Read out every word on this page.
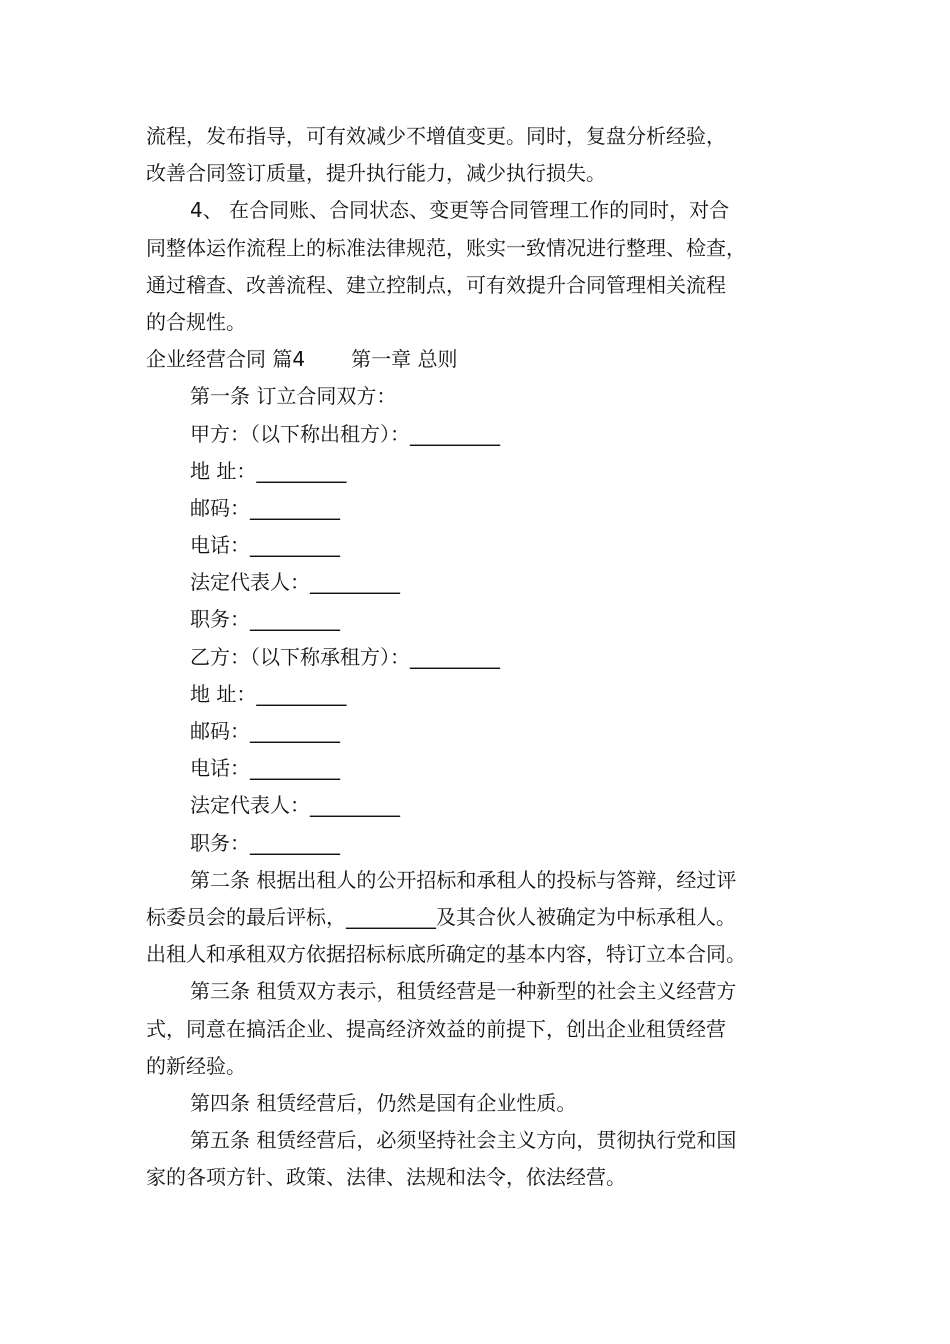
流程，发布指导，可有效减少不增值变更。同时，复盘分析经验，
改善合同签订质量，提升执行能力，减少执行损失。
4、 在合同账、合同状态、变更等合同管理工作的同时，对合
同整体运作流程上的标准法律规范，账实一致情况进行整理、检查，
通过稽查、改善流程、建立控制点，可有效提升合同管理相关流程
的合规性。
企业经营合同 篇4 第一章 总则
第一条 订立合同双方：
甲方：（以下称出租方）：_________
地 址：_________
邮码：_________
电话：_________
法定代表人：_________
职务：_________
乙方：（以下称承租方）：_________
地 址：_________
邮码：_________
电话：_________
法定代表人：_________
职务：_________
第二条 根据出租人的公开招标和承租人的投标与答辩，经过评
标委员会的最后评标，_________及其合伙人被确定为中标承租人。
出租人和承租双方依据招标标底所确定的基本内容，特订立本合同。
第三条 租赁双方表示，租赁经营是一种新型的社会主义经营方
式，同意在搞活企业、提高经济效益的前提下，创出企业租赁经营
的新经验。
第四条 租赁经营后，仍然是国有企业性质。
第五条 租赁经营后，必须坚持社会主义方向，贯彻执行党和国
家的各项方针、政策、法律、法规和法令，依法经营。
